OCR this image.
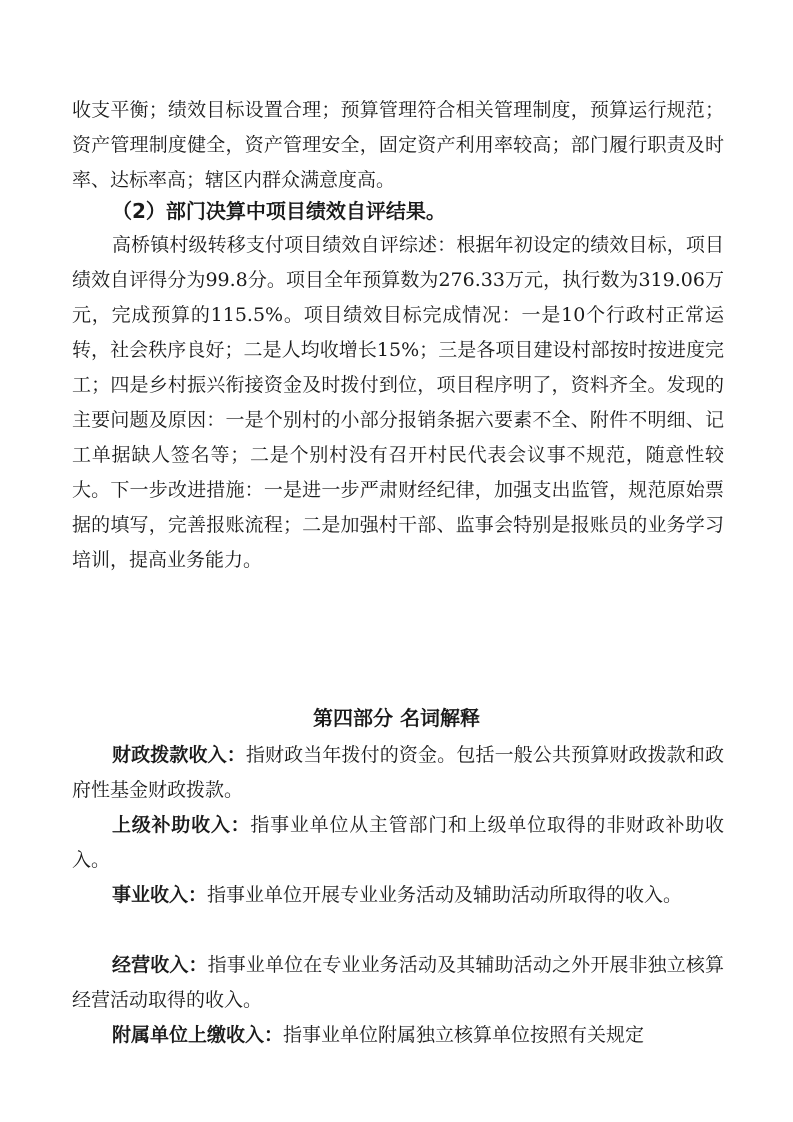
收支平衡；绩效目标设置合理；预算管理符合相关管理制度，预算运行规范；资产管理制度健全，资产管理安全，固定资产利用率较高；部门履行职责及时率、达标率高；辖区内群众满意度高。

（2）部门决算中项目绩效自评结果。

高桥镇村级转移支付项目绩效自评综述：根据年初设定的绩效目标，项目绩效自评得分为99.8分。项目全年预算数为276.33万元，执行数为319.06万元，完成预算的115.5%。项目绩效目标完成情况：一是10个行政村正常运转，社会秩序良好；二是人均收增长15%；三是各项目建设村部按时按进度完工；四是乡村振兴衔接资金及时拨付到位，项目程序明了，资料齐全。发现的主要问题及原因：一是个别村的小部分报销条据六要素不全、附件不明细、记工单据缺人签名等；二是个别村没有召开村民代表会议事不规范，随意性较大。下一步改进措施：一是进一步严肃财经纪律，加强支出监管，规范原始票据的填写，完善报账流程；二是加强村干部、监事会特别是报账员的业务学习培训，提高业务能力。

第四部分 名词解释

财政拨款收入：指财政当年拨付的资金。包括一般公共预算财政拨款和政府性基金财政拨款。

上级补助收入：指事业单位从主管部门和上级单位取得的非财政补助收入。

事业收入：指事业单位开展专业业务活动及辅助活动所取得的收入。

经营收入：指事业单位在专业业务活动及其辅助活动之外开展非独立核算经营活动取得的收入。

附属单位上缴收入：指事业单位附属独立核算单位按照有关规定
